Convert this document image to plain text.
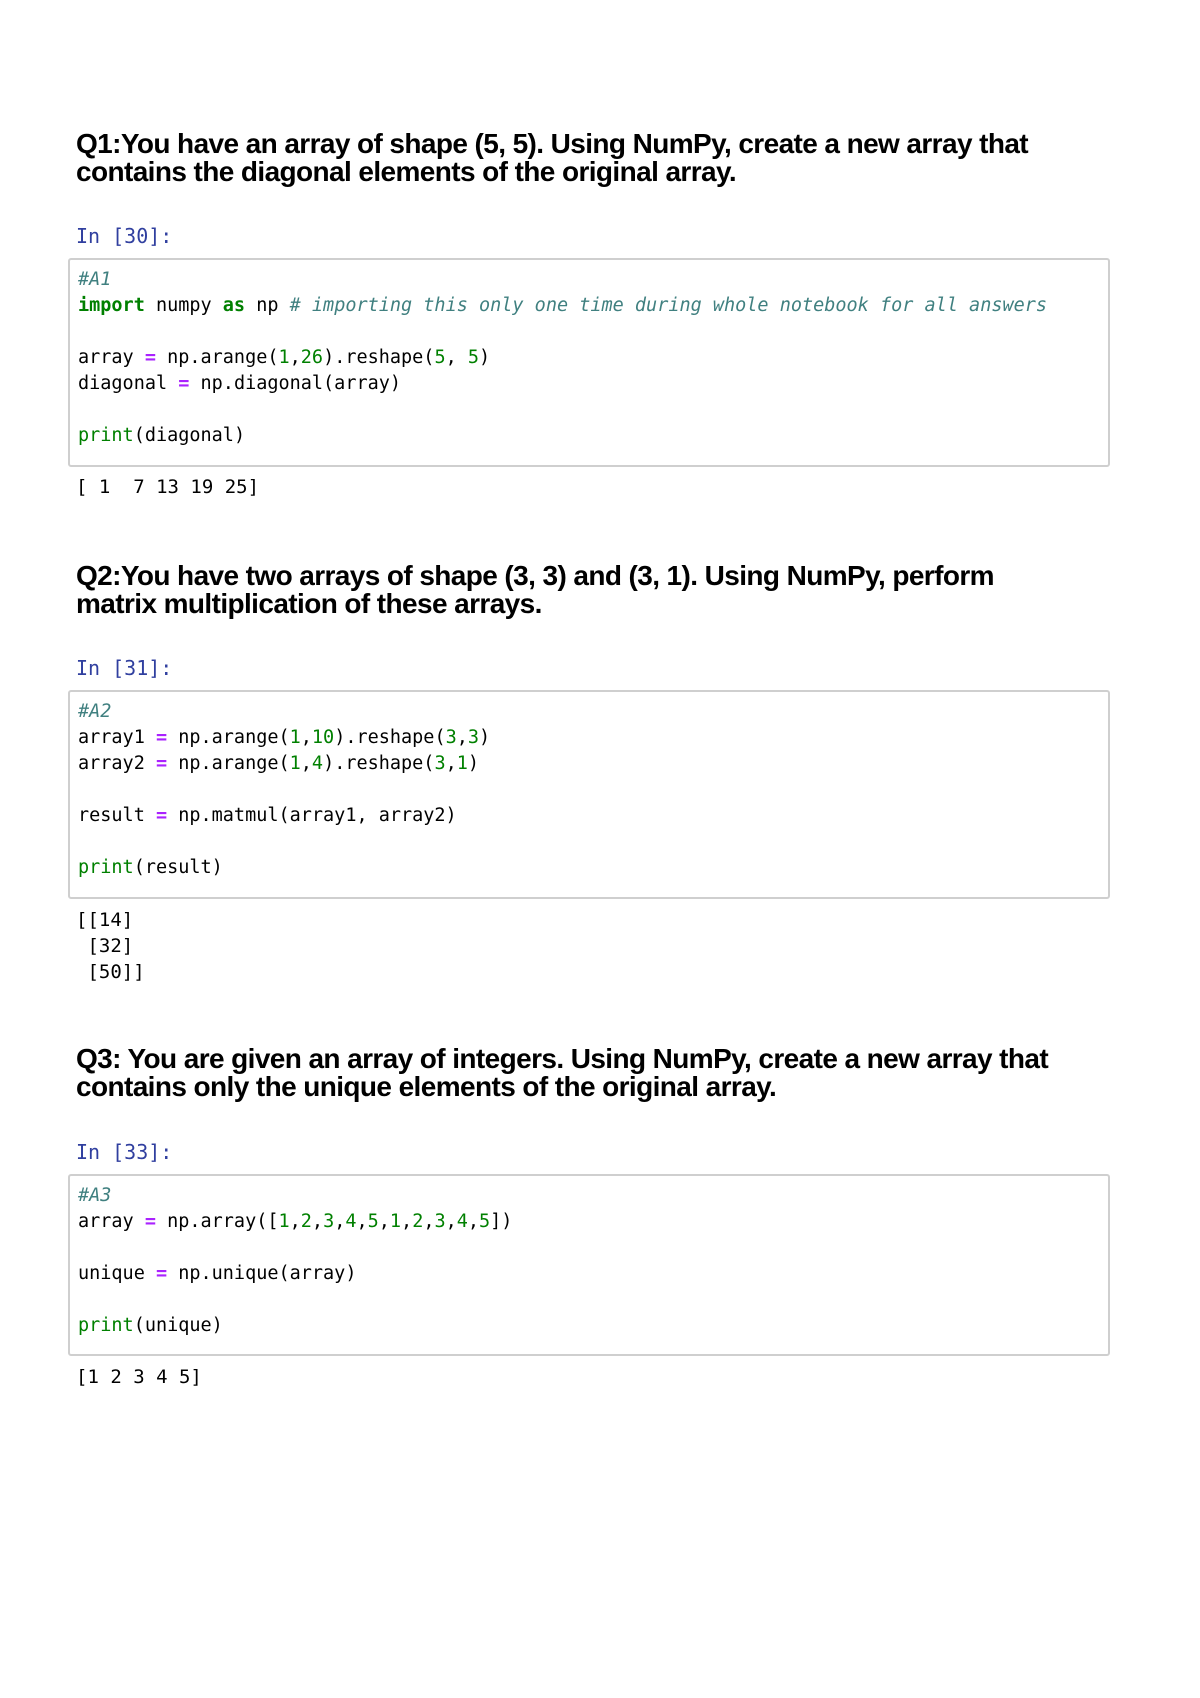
Q1:You have an array of shape (5, 5). Using NumPy, create a new array that
contains the diagonal elements of the original array.
In [30]:
#A1
import numpy as np # importing this only one time during whole notebook for all answers
array = np.arange(1,26).reshape(5, 5)
diagonal = np.diagonal(array)
print(diagonal)
[ 1  7 13 19 25]
Q2:You have two arrays of shape (3, 3) and (3, 1). Using NumPy, perform
matrix multiplication of these arrays.
In [31]:
#A2
array1 = np.arange(1,10).reshape(3,3)
array2 = np.arange(1,4).reshape(3,1)
result = np.matmul(array1, array2)
print(result)
[[14]
[32]
[50]]
Q3: You are given an array of integers. Using NumPy, create a new array that
contains only the unique elements of the original array.
In [33]:
#A3
array = np.array([1,2,3,4,5,1,2,3,4,5])
unique = np.unique(array)
print(unique)
[1 2 3 4 5]
